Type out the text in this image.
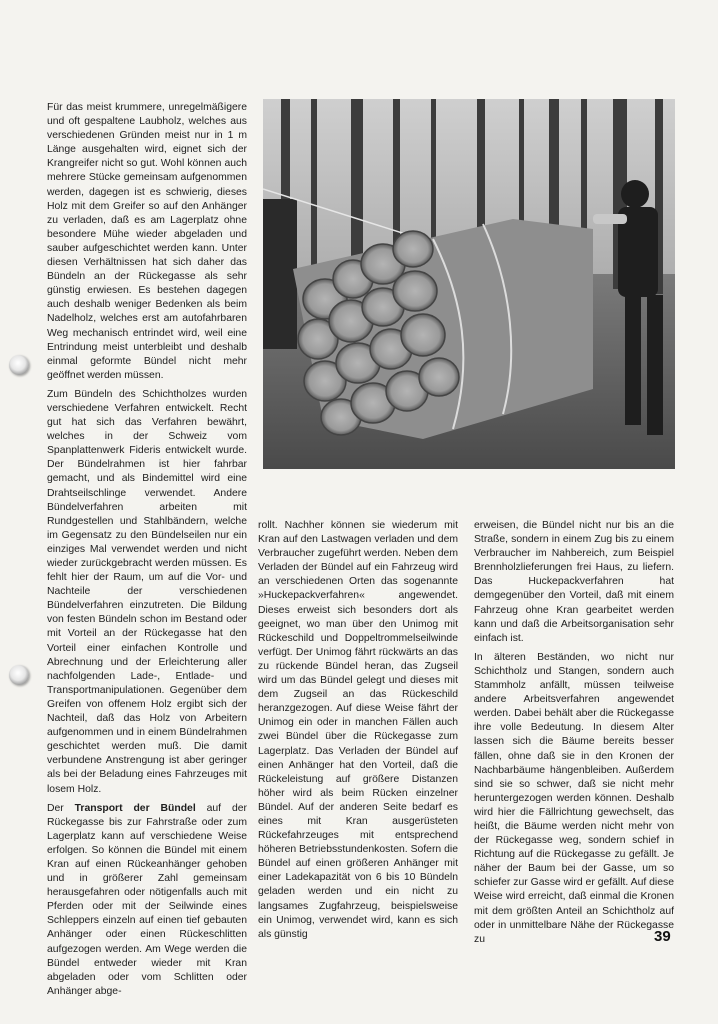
Für das meist krummere, unregelmäßigere und oft gespaltene Laubholz, welches aus verschiedenen Gründen meist nur in 1 m Länge ausgehalten wird, eignet sich der Krangreifer nicht so gut. Wohl können auch mehrere Stücke gemeinsam aufgenommen werden, dagegen ist es schwierig, dieses Holz mit dem Greifer so auf den Anhänger zu verladen, daß es am Lagerplatz ohne besondere Mühe wieder abgeladen und sauber aufgeschichtet werden kann. Unter diesen Verhältnissen hat sich daher das Bündeln an der Rückegasse als sehr günstig erwiesen. Es bestehen dagegen auch deshalb weniger Bedenken als beim Nadelholz, welches erst am autofahrbaren Weg mechanisch entrindet wird, weil eine Entrindung meist unterbleibt und deshalb einmal geformte Bündel nicht mehr geöffnet werden müssen.

Zum Bündeln des Schichtholzes wurden verschiedene Verfahren entwickelt. Recht gut hat sich das Verfahren bewährt, welches in der Schweiz vom Spanplattenwerk Fideris entwickelt wurde. Der Bündelrahmen ist hier fahrbar gemacht, und als Bindemittel wird eine Drahtseilschlinge verwendet. Andere Bündelverfahren arbeiten mit Rundgestellen und Stahlbändern, welche im Gegensatz zu den Bündelseilen nur ein einziges Mal verwendet werden und nicht wieder zurückgebracht werden müssen. Es fehlt hier der Raum, um auf die Vor- und Nachteile der verschiedenen Bündelverfahren einzutreten. Die Bildung von festen Bündeln schon im Bestand oder mit Vorteil an der Rückegasse hat den Vorteil einer einfachen Kontrolle und Abrechnung und der Erleichterung aller nachfolgenden Lade-, Entlade- und Transportmanipulationen. Gegenüber dem Greifen von offenem Holz ergibt sich der Nachteil, daß das Holz von Arbeitern aufgenommen und in einem Bündelrahmen geschichtet werden muß. Die damit verbundene Anstrengung ist aber geringer als bei der Beladung eines Fahrzeuges mit losem Holz.

Der Transport der Bündel auf der Rückegasse bis zur Fahrstraße oder zum Lagerplatz kann auf verschiedene Weise erfolgen. So können die Bündel mit einem Kran auf einen Rückeanhänger gehoben und in größerer Zahl gemeinsam herausgefahren oder nötigenfalls auch mit Pferden oder mit der Seilwinde eines Schleppers einzeln auf einen tief gebauten Anhänger oder einen Rückeschlitten aufgezogen werden. Am Wege werden die Bündel entweder wieder mit Kran abgeladen oder vom Schlitten oder Anhänger abge-

rollt. Nachher können sie wiederum mit Kran auf den Lastwagen verladen und dem Verbraucher zugeführt werden. Neben dem Verladen der Bündel auf ein Fahrzeug wird an verschiedenen Orten das sogenannte »Huckepackverfahren« angewendet. Dieses erweist sich besonders dort als geeignet, wo man über den Unimog mit Rückeschild und Doppeltrommelseilwinde verfügt. Der Unimog fährt rückwärts an das zu rückende Bündel heran, das Zugseil wird um das Bündel gelegt und dieses mit dem Zugseil an das Rückeschild heranzgezogen. Auf diese Weise fährt der Unimog ein oder in manchen Fällen auch zwei Bündel über die Rückegasse zum Lagerplatz. Das Verladen der Bündel auf einen Anhänger hat den Vorteil, daß die Rückeleistung auf größere Distanzen höher wird als beim Rücken einzelner Bündel. Auf der anderen Seite bedarf es eines mit Kran ausgerüsteten Rückefahrzeuges mit entsprechend höheren Betriebsstundenkosten. Sofern die Bündel auf einen größeren Anhänger mit einer Ladekapazität von 6 bis 10 Bündeln geladen werden und ein nicht zu langsames Zugfahrzeug, beispielsweise ein Unimog, verwendet wird, kann es sich als günstig

erweisen, die Bündel nicht nur bis an die Straße, sondern in einem Zug bis zu einem Verbraucher im Nahbereich, zum Beispiel Brennholzlieferungen frei Haus, zu liefern. Das Huckepackverfahren hat demgegenüber den Vorteil, daß mit einem Fahrzeug ohne Kran gearbeitet werden kann und daß die Arbeitsorganisation sehr einfach ist.

In älteren Beständen, wo nicht nur Schichtholz und Stangen, sondern auch Stammholz anfällt, müssen teilweise andere Arbeitsverfahren angewendet werden. Dabei behält aber die Rückegasse ihre volle Bedeutung. In diesem Alter lassen sich die Bäume bereits besser fällen, ohne daß sie in den Kronen der Nachbarbäume hängenbleiben. Außerdem sind sie so schwer, daß sie nicht mehr heruntergezogen werden können. Deshalb wird hier die Fällrichtung gewechselt, das heißt, die Bäume werden nicht mehr von der Rückegasse weg, sondern schief in Richtung auf die Rückegasse zu gefällt. Je näher der Baum bei der Gasse, um so schiefer zur Gasse wird er gefällt. Auf diese Weise wird erreicht, daß einmal die Kronen mit dem größten Anteil an Schichtholz auf oder in unmittelbare Nähe der Rückegasse zu	39
